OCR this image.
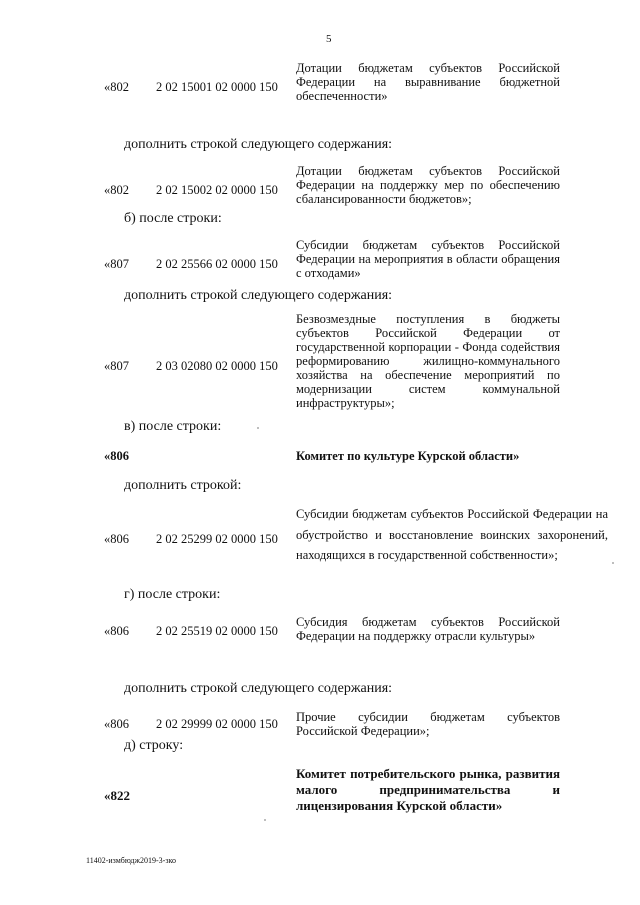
5
«802 2 02 15001 02 0000 150
Дотации бюджетам субъектов Российской Федерации на выравнивание бюджетной обеспеченности»
дополнить строкой следующего содержания:
«802 2 02 15002 02 0000 150
Дотации бюджетам субъектов Российской Федерации на поддержку мер по обеспечению сбалансированности бюджетов»;
б) после строки:
«807 2 02 25566 02 0000 150
Субсидии бюджетам субъектов Российской Федерации на мероприятия в области обращения с отходами»
дополнить строкой следующего содержания:
«807 2 03 02080 02 0000 150
Безвозмездные поступления в бюджеты субъектов Российской Федерации от государственной корпорации - Фонда содействия реформированию жилищно-коммунального хозяйства на обеспечение мероприятий по модернизации систем коммунальной инфраструктуры»;
в) после строки:
«806	Комитет по культуре Курской области»
дополнить строкой:
«806 2 02 25299 02 0000 150
Субсидии бюджетам субъектов Российской Федерации на обустройство и восстановление воинских захоронений, находящихся в государственной собственности»;
г) после строки:
«806 2 02 25519 02 0000 150
Субсидия бюджетам субъектов Российской Федерации на поддержку отрасли культуры»
дополнить строкой следующего содержания:
«806 2 02 29999 02 0000 150 Прочие субсидии бюджетам субъектов Российской Федерации»;
д) строку:
«822
Комитет потребительского рынка, развития малого предпринимательства и лицензирования Курской области»
11402-измбюдж2019-3-зко
